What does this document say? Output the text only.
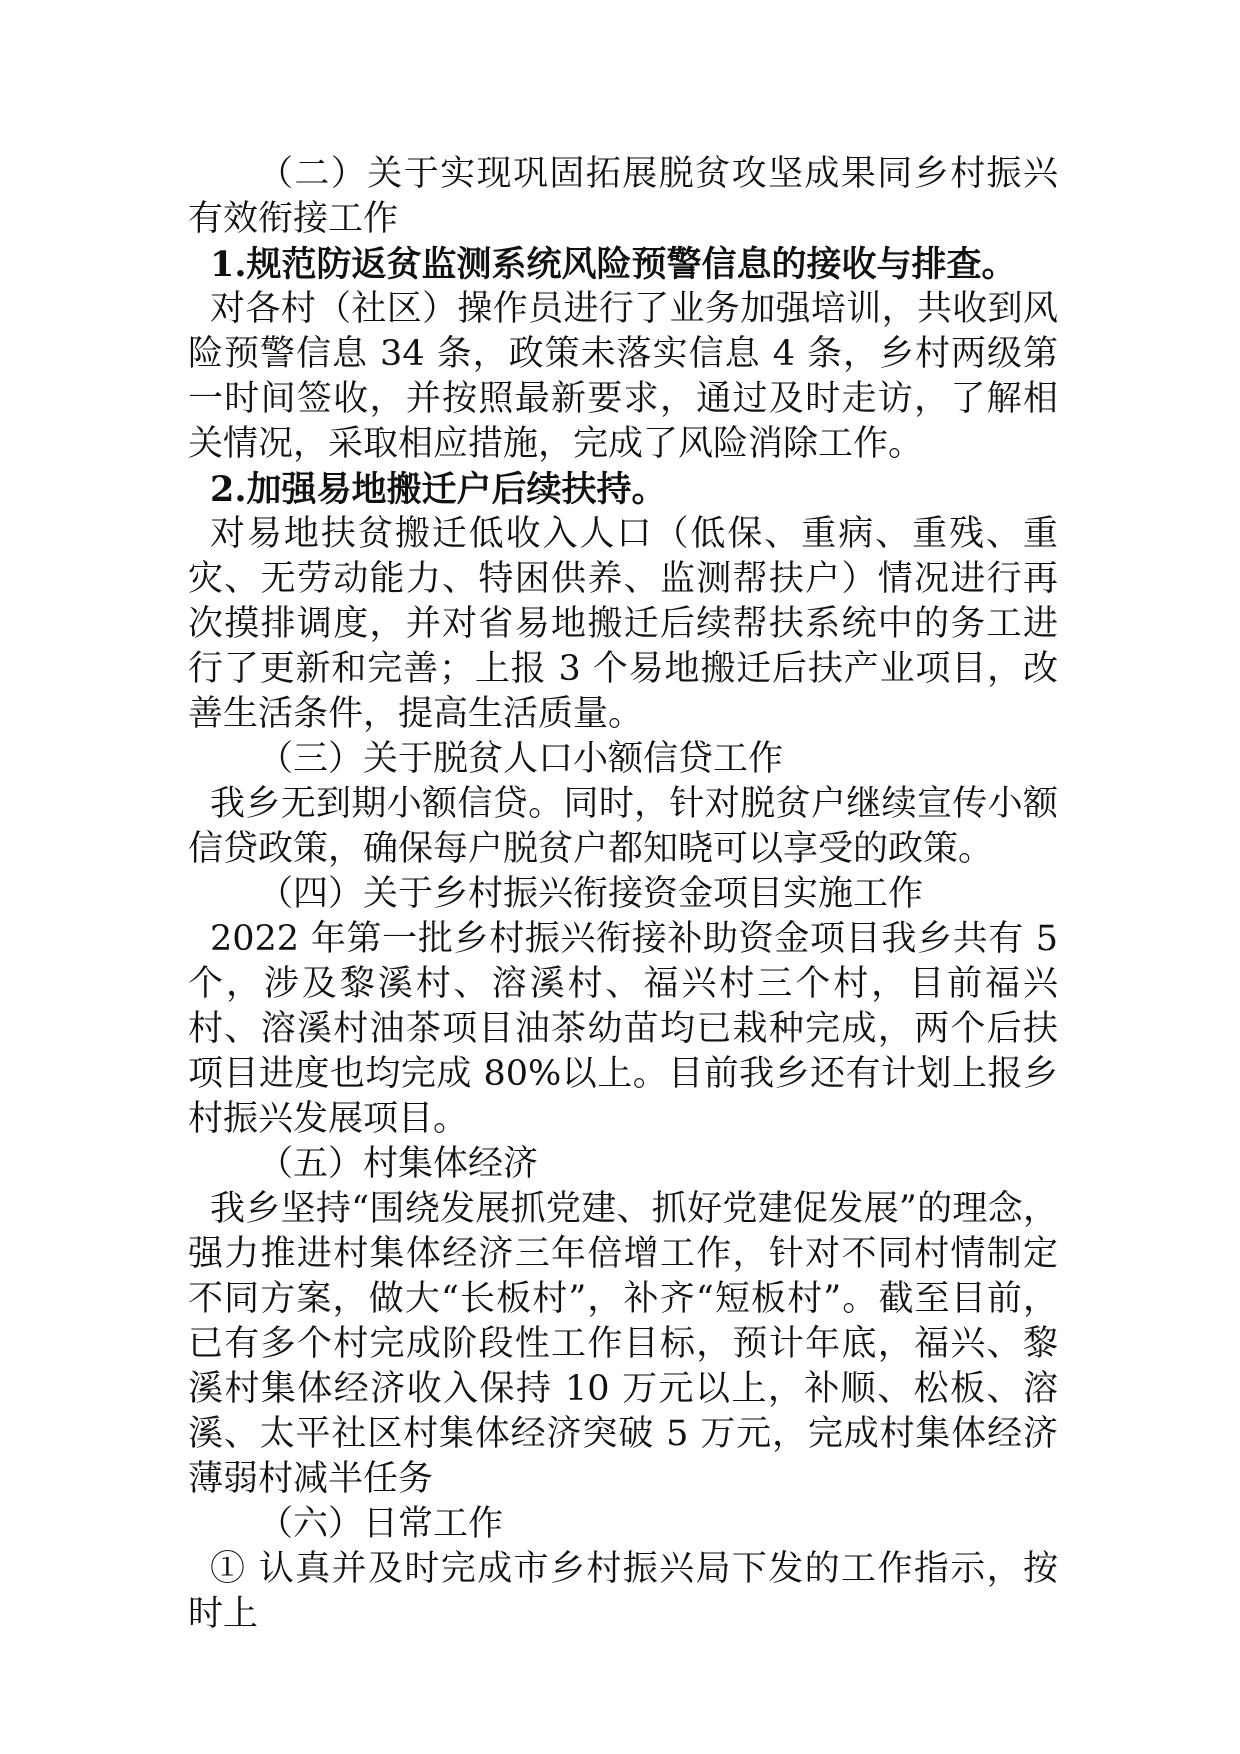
（二）关于实现巩固拓展脱贫攻坚成果同乡村振兴有效衔接工作

1.规范防返贫监测系统风险预警信息的接收与排查。

对各村（社区）操作员进行了业务加强培训，共收到风险预警信息 34 条，政策未落实信息 4 条，乡村两级第一时间签收，并按照最新要求，通过及时走访，了解相关情况，采取相应措施，完成了风险消除工作。

2.加强易地搬迁户后续扶持。

对易地扶贫搬迁低收入人口（低保、重病、重残、重灾、无劳动能力、特困供养、监测帮扶户）情况进行再次摸排调度，并对省易地搬迁后续帮扶系统中的务工进行了更新和完善；上报 3 个易地搬迁后扶产业项目，改善生活条件，提高生活质量。

（三）关于脱贫人口小额信贷工作

我乡无到期小额信贷。同时，针对脱贫户继续宣传小额信贷政策，确保每户脱贫户都知晓可以享受的政策。

（四）关于乡村振兴衔接资金项目实施工作

2022 年第一批乡村振兴衔接补助资金项目我乡共有 5 个，涉及黎溪村、溶溪村、福兴村三个村，目前福兴村、溶溪村油茶项目油茶幼苗均已栽种完成，两个后扶项目进度也均完成 80%以上。目前我乡还有计划上报乡村振兴发展项目。

（五）村集体经济

我乡坚持“围绕发展抓党建、抓好党建促发展”的理念，强力推进村集体经济三年倍增工作，针对不同村情制定不同方案，做大“长板村”，补齐“短板村”。截至目前，已有多个村完成阶段性工作目标，预计年底，福兴、黎溪村集体经济收入保持 10 万元以上，补顺、松板、溶溪、太平社区村集体经济突破 5 万元，完成村集体经济薄弱村减半任务

（六）日常工作

① 认真并及时完成市乡村振兴局下发的工作指示，按时上
